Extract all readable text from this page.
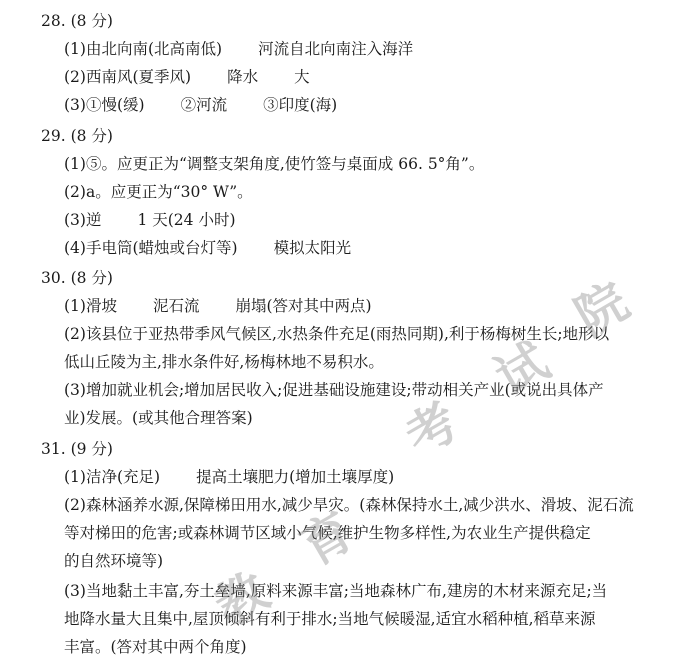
28. (8 分)
(1)由北向南(北高南低) 河流自北向南注入海洋
(2)西南风(夏季风) 降水 大
(3)①慢(缓) ②河流 ③印度(海)
29. (8 分)
(1)⑤。应更正为“调整支架角度,使竹签与桌面成 66. 5°角”。
(2)a。应更正为“30° W”。
(3)逆 1 天(24 小时)
(4)手电筒(蜡烛或台灯等) 模拟太阳光
30. (8 分)
(1)滑坡 泥石流 崩塌(答对其中两点)
(2)该县位于亚热带季风气候区,水热条件充足(雨热同期),利于杨梅树生长;地形以
低山丘陵为主,排水条件好,杨梅林地不易积水。
(3)增加就业机会;增加居民收入;促进基础设施建设;带动相关产业(或说出具体产
业)发展。(或其他合理答案)
31. (9 分)
(1)洁净(充足) 提高土壤肥力(增加土壤厚度)
(2)森林涵养水源,保障梯田用水,减少旱灾。(森林保持水土,减少洪水、滑坡、泥石流
等对梯田的危害;或森林调节区域小气候,维护生物多样性,为农业生产提供稳定
的自然环境等)
(3)当地黏土丰富,夯土垒墙,原料来源丰富;当地森林广布,建房的木材来源充足;当
地降水量大且集中,屋顶倾斜有利于排水;当地气候暖湿,适宜水稻种植,稻草来源
丰富。(答对其中两个角度)
院
试
考
育
教
